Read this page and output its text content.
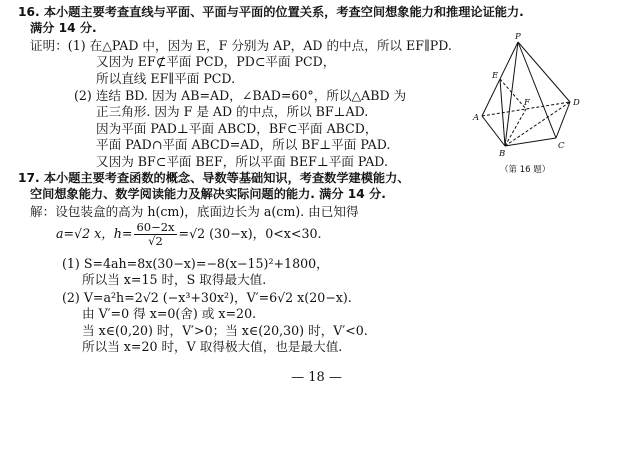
16. 本小题主要考查直线与平面、平面与平面的位置关系，考查空间想象能力和推理论证能力.
满分 14 分.
证明：(1) 在△PAD 中，因为 E，F 分别为 AP，AD 的中点，所以 EF∥PD.
又因为 EF⊄平面 PCD，PD⊂平面 PCD，
所以直线 EF∥平面 PCD.
(2) 连结 BD. 因为 AB=AD，∠BAD=60°，所以△ABD 为
正三角形. 因为 F 是 AD 的中点，所以 BF⊥AD.
因为平面 PAD⊥平面 ABCD，BF⊂平面 ABCD，
平面 PAD∩平面 ABCD=AD，所以 BF⊥平面 PAD.
又因为 BF⊂平面 BEF，所以平面 BEF⊥平面 PAD.
P
A
B
C
D
E
F
（第 16 题）
17. 本小题主要考查函数的概念、导数等基础知识，考查数学建模能力、
空间想象能力、数学阅读能力及解决实际问题的能力. 满分 14 分.
解：设包装盒的高为 h(cm)，底面边长为 a(cm). 由已知得
a=√2 x，$h= \frac{60-2x}{√2} =√2$ (30−x)，0<x<30.
(1) S=4ah=8x(30−x)=−8(x−15)²+1800，
所以当 x=15 时，S 取得最大值.
(2) V=a²h=2√2 (−x³+30x²)，V′=6√2 x(20−x).
由 V′=0 得 x=0(舍) 或 x=20.
当 x∈(0,20) 时，V′>0；当 x∈(20,30) 时，V′<0.
所以当 x=20 时，V 取得极大值，也是最大值.
— 18 —
